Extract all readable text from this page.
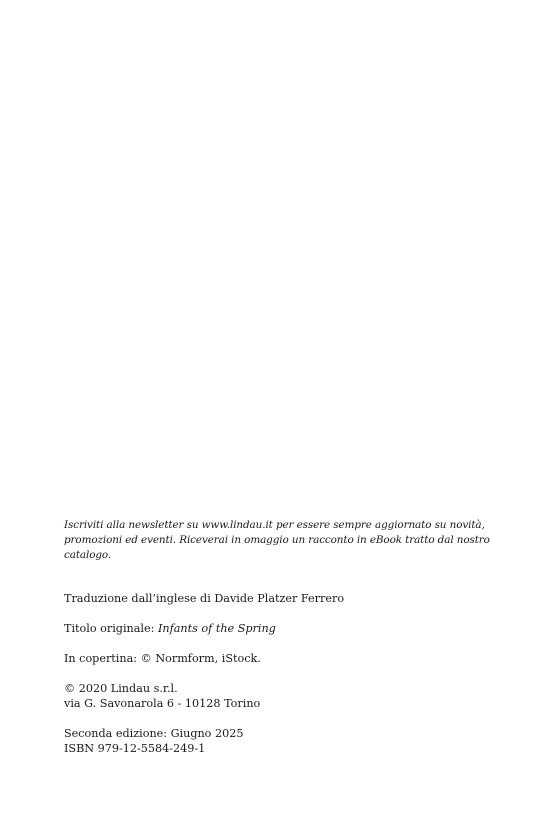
Iscriviti alla newsletter su www.lindau.it per essere sempre aggiornato su novità,
promozioni ed eventi. Riceverai in omaggio un racconto in eBook tratto dal nostro
catalogo.
Traduzione dall’inglese di Davide Platzer Ferrero
Titolo originale: Infants of the Spring
In copertina: © Normform, iStock.
© 2020 Lindau s.r.l.
via G. Savonarola 6 - 10128 Torino
Seconda edizione: Giugno 2025
ISBN 979-12-5584-249-1
